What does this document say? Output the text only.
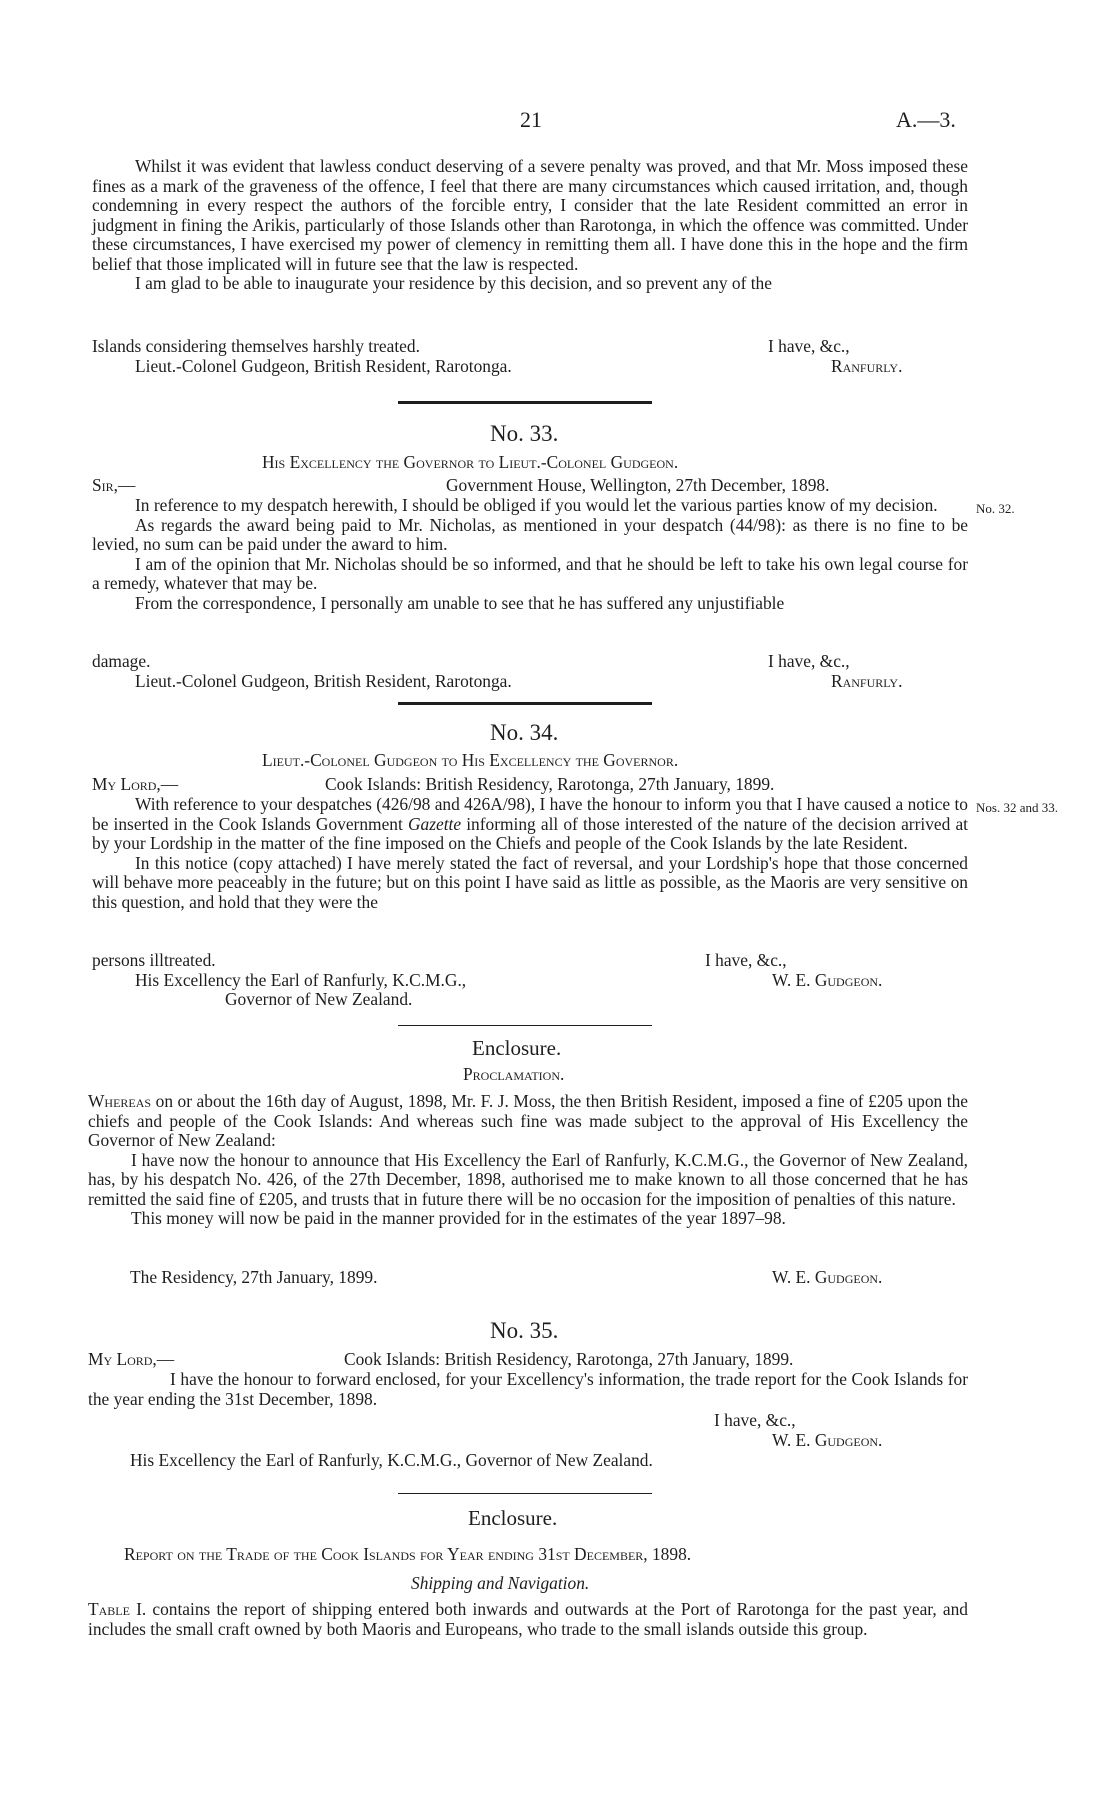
21	A.—3.

Whilst it was evident that lawless conduct deserving of a severe penalty was proved, and that Mr. Moss imposed these fines as a mark of the graveness of the offence, I feel that there are many circumstances which caused irritation, and, though condemning in every respect the authors of the forcible entry, I consider that the late Resident committed an error in judgment in fining the Arikis, particularly of those Islands other than Rarotonga, in which the offence was committed. Under these circumstances, I have exercised my power of clemency in remitting them all. I have done this in the hope and the firm belief that those implicated will in future see that the law is respected.

I am glad to be able to inaugurate your residence by this decision, and so prevent any of the

Islands considering themselves harshly treated.	I have, &c.,
Lieut.-Colonel Gudgeon, British Resident, Rarotonga.	Ranfurly.
No. 33.
His Excellency the Governor to Lieut.-Colonel Gudgeon.
Sir,—	Government House, Wellington, 27th December, 1898.
No. 32.

In reference to my despatch herewith, I should be obliged if you would let the various parties know of my decision.

As regards the award being paid to Mr. Nicholas, as mentioned in your despatch (44/98): as there is no fine to be levied, no sum can be paid under the award to him.

I am of the opinion that Mr. Nicholas should be so informed, and that he should be left to take his own legal course for a remedy, whatever that may be.

From the correspondence, I personally am unable to see that he has suffered any unjustifiable

damage.	I have, &c.,
Lieut.-Colonel Gudgeon, British Resident, Rarotonga.	Ranfurly.
No. 34.
Lieut.-Colonel Gudgeon to His Excellency the Governor.
My Lord,—	Cook Islands: British Residency, Rarotonga, 27th January, 1899.
Nos. 32 and 33.

With reference to your despatches (426/98 and 426A/98), I have the honour to inform you that I have caused a notice to be inserted in the Cook Islands Government Gazette informing all of those interested of the nature of the decision arrived at by your Lordship in the matter of the fine imposed on the Chiefs and people of the Cook Islands by the late Resident.

In this notice (copy attached) I have merely stated the fact of reversal, and your Lordship's hope that those concerned will behave more peaceably in the future; but on this point I have said as little as possible, as the Maoris are very sensitive on this question, and hold that they were the

persons illtreated.	I have, &c.,
His Excellency the Earl of Ranfurly, K.C.M.G.,	W. E. Gudgeon.
Governor of New Zealand.
Enclosure.
Proclamation.

Whereas on or about the 16th day of August, 1898, Mr. F. J. Moss, the then British Resident, imposed a fine of £205 upon the chiefs and people of the Cook Islands: And whereas such fine was made subject to the approval of His Excellency the Governor of New Zealand:

I have now the honour to announce that His Excellency the Earl of Ranfurly, K.C.M.G., the Governor of New Zealand, has, by his despatch No. 426, of the 27th December, 1898, authorised me to make known to all those concerned that he has remitted the said fine of £205, and trusts that in future there will be no occasion for the imposition of penalties of this nature.

This money will now be paid in the manner provided for in the estimates of the year 1897–98.

The Residency, 27th January, 1899.	W. E. Gudgeon.
No. 35.
My Lord,—	Cook Islands: British Residency, Rarotonga, 27th January, 1899.

I have the honour to forward enclosed, for your Excellency's information, the trade report for the Cook Islands for the year ending the 31st December, 1898.

I have, &c.,
W. E. Gudgeon.
His Excellency the Earl of Ranfurly, K.C.M.G., Governor of New Zealand.
Enclosure.
Report on the Trade of the Cook Islands for Year ending 31st December, 1898.
Shipping and Navigation.

Table I. contains the report of shipping entered both inwards and outwards at the Port of Rarotonga for the past year, and includes the small craft owned by both Maoris and Europeans, who trade to the small islands outside this group.
